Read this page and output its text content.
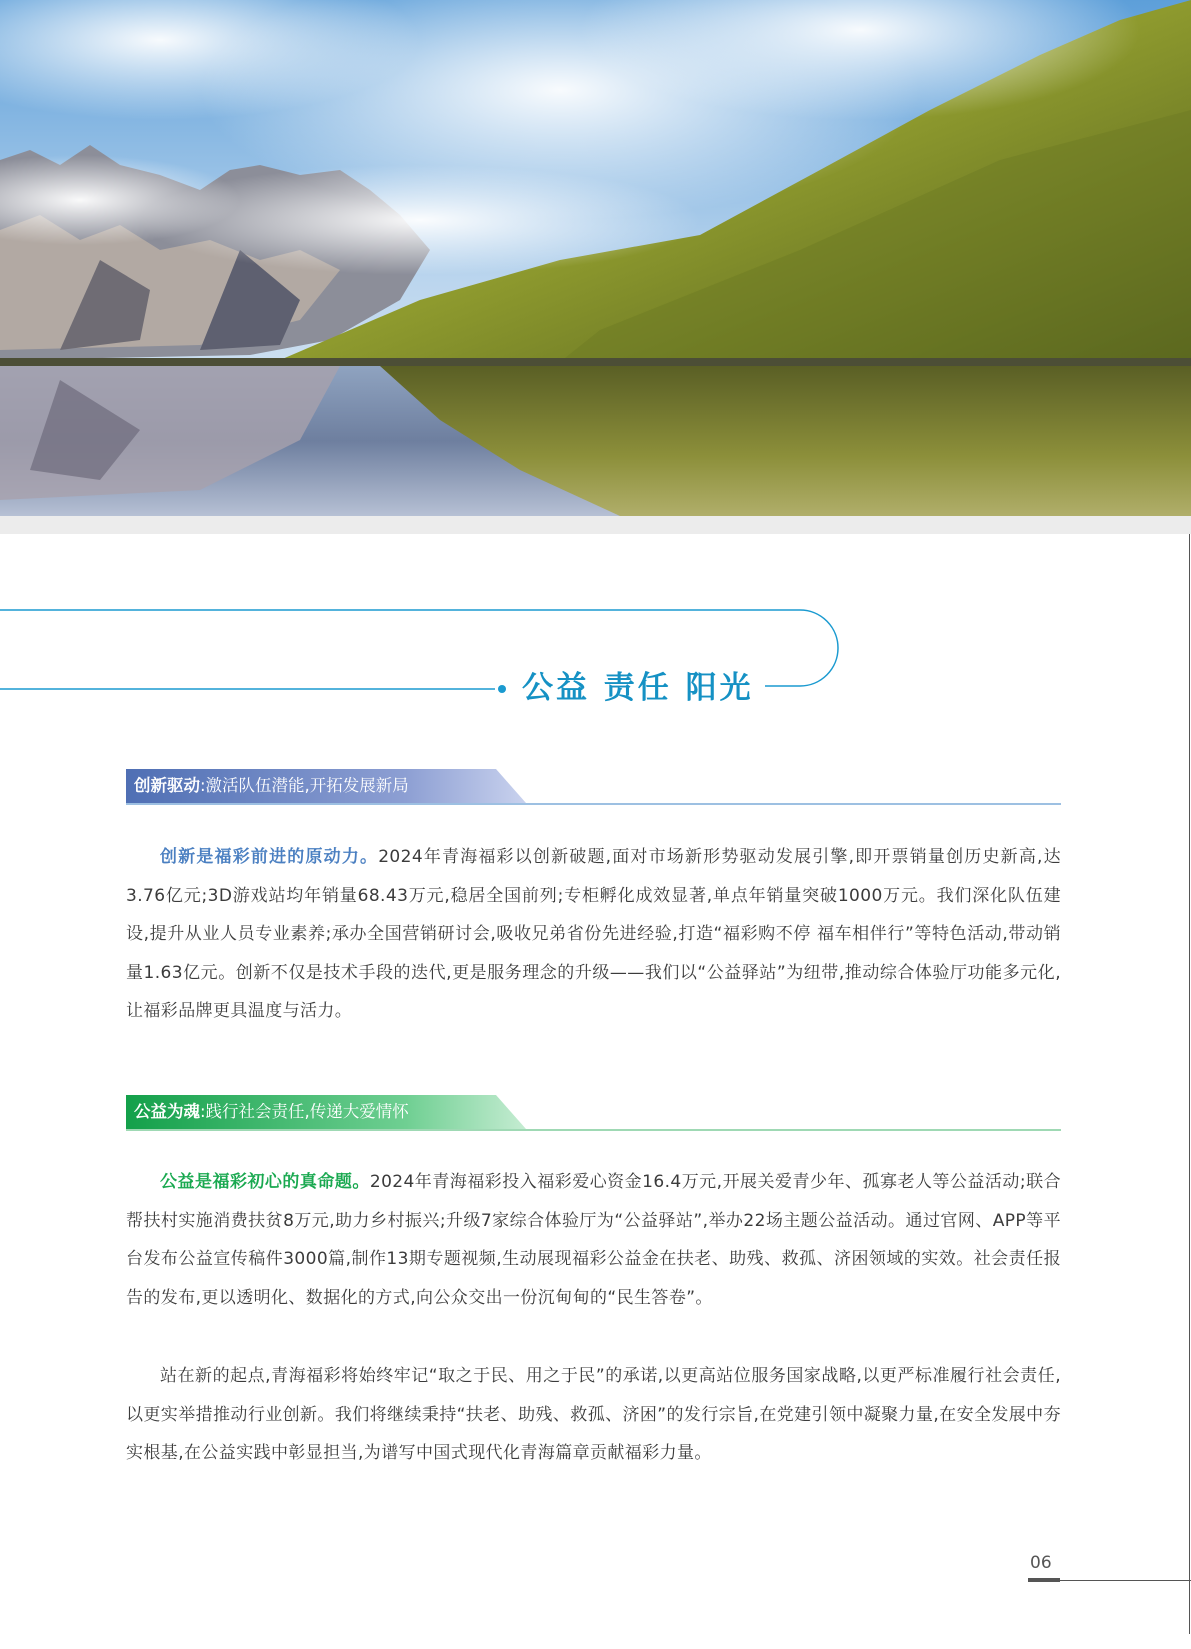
公益 责任 阳光
创新驱动:激活队伍潜能,开拓发展新局
创新是福彩前进的原动力。2024年青海福彩以创新破题,面对市场新形势驱动发展引擎,即开票销量创历史新高,达3.76亿元;3D游戏站均年销量68.43万元,稳居全国前列;专柜孵化成效显著,单点年销量突破1000万元。我们深化队伍建设,提升从业人员专业素养;承办全国营销研讨会,吸收兄弟省份先进经验,打造“福彩购不停 福车相伴行”等特色活动,带动销量1.63亿元。创新不仅是技术手段的迭代,更是服务理念的升级——我们以“公益驿站”为纽带,推动综合体验厅功能多元化,让福彩品牌更具温度与活力。
公益为魂:践行社会责任,传递大爱情怀
公益是福彩初心的真命题。2024年青海福彩投入福彩爱心资金16.4万元,开展关爱青少年、孤寡老人等公益活动;联合帮扶村实施消费扶贫8万元,助力乡村振兴;升级7家综合体验厅为“公益驿站”,举办22场主题公益活动。通过官网、APP等平台发布公益宣传稿件3000篇,制作13期专题视频,生动展现福彩公益金在扶老、助残、救孤、济困领域的实效。社会责任报告的发布,更以透明化、数据化的方式,向公众交出一份沉甸甸的“民生答卷”。
站在新的起点,青海福彩将始终牢记“取之于民、用之于民”的承诺,以更高站位服务国家战略,以更严标准履行社会责任,以更实举措推动行业创新。我们将继续秉持“扶老、助残、救孤、济困”的发行宗旨,在党建引领中凝聚力量,在安全发展中夯实根基,在公益实践中彰显担当,为谱写中国式现代化青海篇章贡献福彩力量。
06
